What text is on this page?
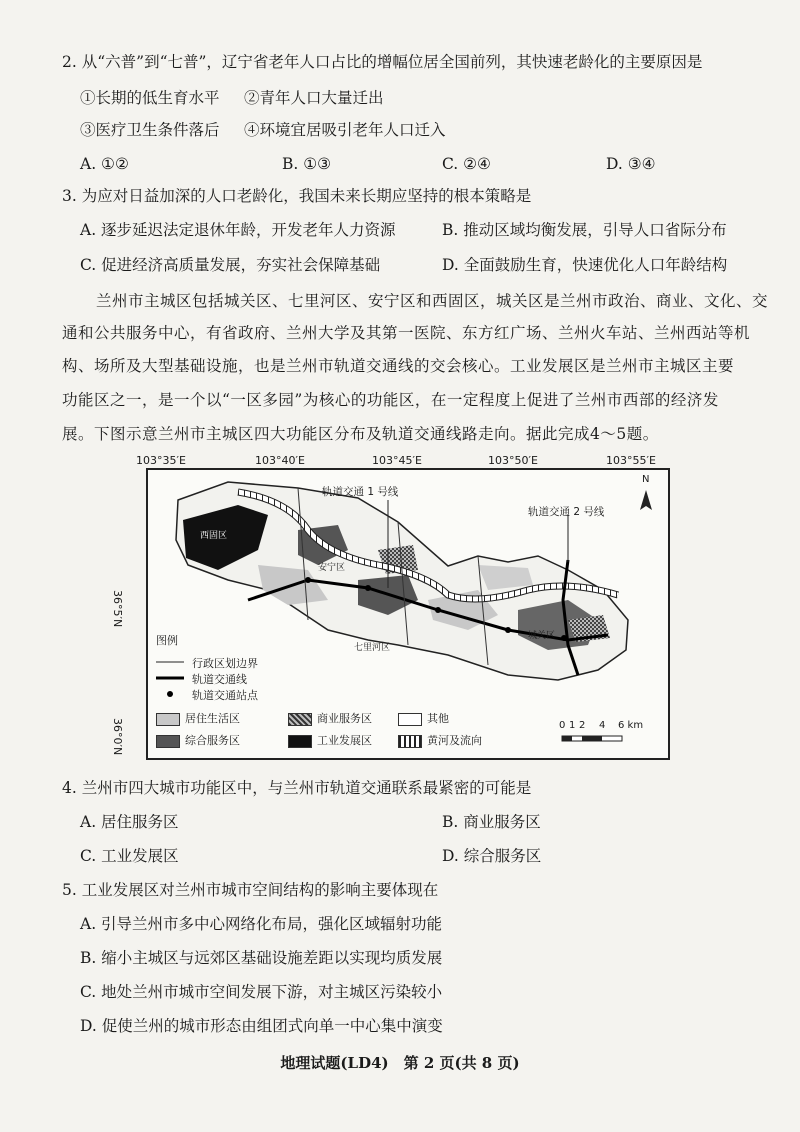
2. 从“六普”到“七普”，辽宁省老年人口占比的增幅位居全国前列，其快速老龄化的主要原因是
①长期的低生育水平 ②青年人口大量迁出
③医疗卫生条件落后 ④环境宜居吸引老年人口迁入
A. ①②	B. ①③	C. ②④	D. ③④
3. 为应对日益加深的人口老龄化，我国未来长期应坚持的根本策略是
A. 逐步延迟法定退休年龄，开发老年人力资源	B. 推动区域均衡发展，引导人口省际分布
C. 促进经济高质量发展，夯实社会保障基础	D. 全面鼓励生育，快速优化人口年龄结构
兰州市主城区包括城关区、七里河区、安宁区和西固区，城关区是兰州市政治、商业、文化、交
通和公共服务中心，有省政府、兰州大学及其第一医院、东方红广场、兰州火车站、兰州西站等机
构、场所及大型基础设施，也是兰州市轨道交通线的交会核心。工业发展区是兰州市主城区主要
功能区之一，是一个以“一区多园”为核心的功能区，在一定程度上促进了兰州市西部的经济发
展。下图示意兰州市主城区四大功能区分布及轨道交通线路走向。据此完成4～5题。
103°35′E	103°40′E	103°45′E	103°50′E	103°55′E
36°5′N
36°0′N
轨道交通 1 号线
轨道交通 2 号线
西固区
安宁区
七里河区
城关区
N
图例
行政区划边界
轨道交通线
轨道交通站点
居住生活区	商业服务区	其他
综合服务区	工业发展区	黄河及流向
0 1 2 4 6 km
4. 兰州市四大城市功能区中，与兰州市轨道交通联系最紧密的可能是
A. 居住服务区	B. 商业服务区
C. 工业发展区	D. 综合服务区
5. 工业发展区对兰州市城市空间结构的影响主要体现在
A. 引导兰州市多中心网络化布局，强化区域辐射功能
B. 缩小主城区与远郊区基础设施差距以实现均质发展
C. 地处兰州市城市空间发展下游，对主城区污染较小
D. 促使兰州的城市形态由组团式向单一中心集中演变
地理试题(LD4)　第 2 页(共 8 页)
